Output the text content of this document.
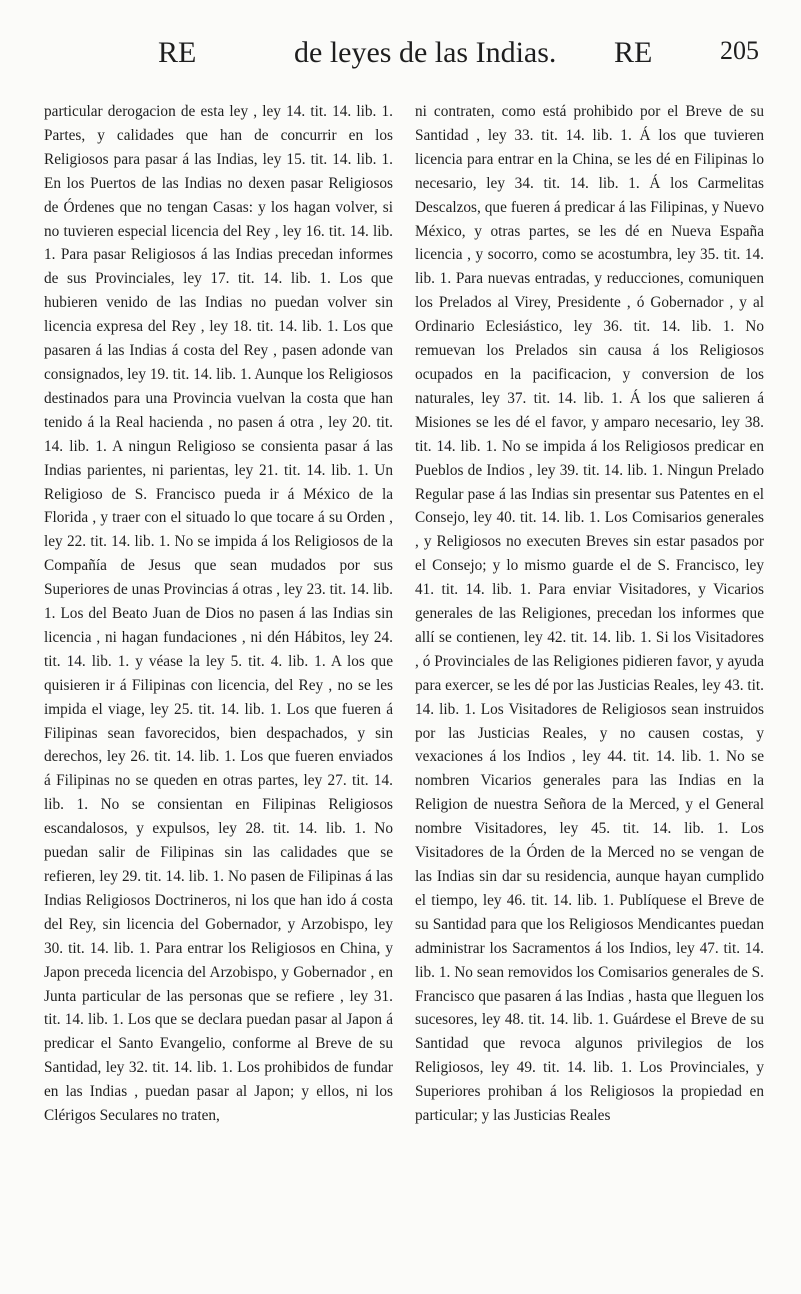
RE	de leyes de las Indias. RE	205

particular derogacion de esta ley , ley 14. tit. 14. lib. 1. Partes, y calidades que han de concurrir en los Religiosos para pasar á las Indias, ley 15. tit. 14. lib. 1. En los Puertos de las Indias no dexen pasar Religiosos de Órdenes que no tengan Casas: y los hagan volver, si no tuvieren especial licencia del Rey , ley 16. tit. 14. lib. 1. Para pasar Religiosos á las Indias precedan informes de sus Provinciales, ley 17. tit. 14. lib. 1. Los que hubieren venido de las Indias no puedan volver sin licencia expresa del Rey , ley 18. tit. 14. lib. 1. Los que pasaren á las Indias á costa del Rey , pasen adonde van consignados, ley 19. tit. 14. lib. 1. Aunque los Religiosos destinados para una Provincia vuelvan la costa que han tenido á la Real hacienda , no pasen á otra , ley 20. tit. 14. lib. 1. A ningun Religioso se consienta pasar á las Indias parientes, ni parientas, ley 21. tit. 14. lib. 1. Un Religioso de S. Francisco pueda ir á México de la Florida , y traer con el situado lo que tocare á su Orden , ley 22. tit. 14. lib. 1. No se impida á los Religiosos de la Compañía de Jesus que sean mudados por sus Superiores de unas Provincias á otras , ley 23. tit. 14. lib. 1. Los del Beato Juan de Dios no pasen á las Indias sin licencia , ni hagan fundaciones , ni dén Hábitos, ley 24. tit. 14. lib. 1. y véase la ley 5. tit. 4. lib. 1. A los que quisieren ir á Filipinas con licencia, del Rey , no se les impida el viage, ley 25. tit. 14. lib. 1. Los que fueren á Filipinas sean favorecidos, bien despachados, y sin derechos, ley 26. tit. 14. lib. 1. Los que fueren enviados á Filipinas no se queden en otras partes, ley 27. tit. 14. lib. 1. No se consientan en Filipinas Religiosos escandalosos, y expulsos, ley 28. tit. 14. lib. 1. No puedan salir de Filipinas sin las calidades que se refieren, ley 29. tit. 14. lib. 1. No pasen de Filipinas á las Indias Religiosos Doctrineros, ni los que han ido á costa del Rey, sin licencia del Gobernador, y Arzobispo, ley 30. tit. 14. lib. 1. Para entrar los Religiosos en China, y Japon preceda licencia del Arzobispo, y Gobernador , en Junta particular de las personas que se refiere , ley 31. tit. 14. lib. 1. Los que se declara puedan pasar al Japon á predicar el Santo Evangelio, conforme al Breve de su Santidad, ley 32. tit. 14. lib. 1. Los prohibidos de fundar en las Indias , puedan pasar al Japon; y ellos, ni los Clérigos Seculares no traten,

ni contraten, como está prohibido por el Breve de su Santidad , ley 33. tit. 14. lib. 1. Á los que tuvieren licencia para entrar en la China, se les dé en Filipinas lo necesario, ley 34. tit. 14. lib. 1. Á los Carmelitas Descalzos, que fueren á predicar á las Filipinas, y Nuevo México, y otras partes, se les dé en Nueva España licencia , y socorro, como se acostumbra, ley 35. tit. 14. lib. 1. Para nuevas entradas, y reducciones, comuniquen los Prelados al Virey, Presidente , ó Gobernador , y al Ordinario Eclesiástico, ley 36. tit. 14. lib. 1. No remuevan los Prelados sin causa á los Religiosos ocupados en la pacificacion, y conversion de los naturales, ley 37. tit. 14. lib. 1. Á los que salieren á Misiones se les dé el favor, y amparo necesario, ley 38. tit. 14. lib. 1. No se impida á los Religiosos predicar en Pueblos de Indios , ley 39. tit. 14. lib. 1. Ningun Prelado Regular pase á las Indias sin presentar sus Patentes en el Consejo, ley 40. tit. 14. lib. 1. Los Comisarios generales , y Religiosos no executen Breves sin estar pasados por el Consejo; y lo mismo guarde el de S. Francisco, ley 41. tit. 14. lib. 1. Para enviar Visitadores, y Vicarios generales de las Religiones, precedan los informes que allí se contienen, ley 42. tit. 14. lib. 1. Si los Visitadores , ó Provinciales de las Religiones pidieren favor, y ayuda para exercer, se les dé por las Justicias Reales, ley 43. tit. 14. lib. 1. Los Visitadores de Religiosos sean instruidos por las Justicias Reales, y no causen costas, y vexaciones á los Indios , ley 44. tit. 14. lib. 1. No se nombren Vicarios generales para las Indias en la Religion de nuestra Señora de la Merced, y el General nombre Visitadores, ley 45. tit. 14. lib. 1. Los Visitadores de la Órden de la Merced no se vengan de las Indias sin dar su residencia, aunque hayan cumplido el tiempo, ley 46. tit. 14. lib. 1. Publíquese el Breve de su Santidad para que los Religiosos Mendicantes puedan administrar los Sacramentos á los Indios, ley 47. tit. 14. lib. 1. No sean removidos los Comisarios generales de S. Francisco que pasaren á las Indias , hasta que lleguen los sucesores, ley 48. tit. 14. lib. 1. Guárdese el Breve de su Santidad que revoca algunos privilegios de los Religiosos, ley 49. tit. 14. lib. 1. Los Provinciales, y Superiores prohiban á los Religiosos la propiedad en particular; y las Justicias Reales
